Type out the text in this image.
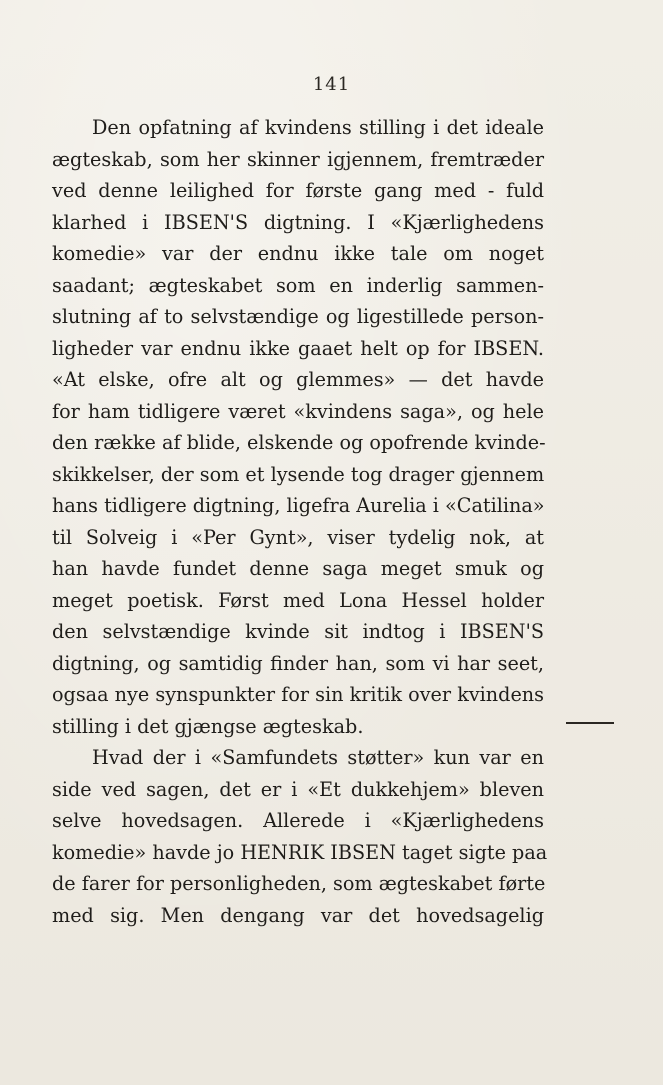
141
Den opfatning af kvindens stilling i det ideale
ægteskab, som her skinner igjennem, fremtræder
ved denne leilighed for første gang med - fuld
klarhed i IBSEN'S digtning. I «Kjærlighedens
komedie» var der endnu ikke tale om noget
saadant; ægteskabet som en inderlig sammen-
slutning af to selvstændige og ligestillede person-
ligheder var endnu ikke gaaet helt op for IBSEN.
«At elske, ofre alt og glemmes» — det havde
for ham tidligere været «kvindens saga», og hele
den række af blide, elskende og opofrende kvinde-
skikkelser, der som et lysende tog drager gjennem
hans tidligere digtning, ligefra Aurelia i «Catilina»
til Solveig i «Per Gynt», viser tydelig nok, at
han havde fundet denne saga meget smuk og
meget poetisk. Først med Lona Hessel holder
den selvstændige kvinde sit indtog i IBSEN'S
digtning, og samtidig finder han, som vi har seet,
ogsaa nye synspunkter for sin kritik over kvindens
stilling i det gjængse ægteskab.
Hvad der i «Samfundets støtter» kun var en
side ved sagen, det er i «Et dukkehjem» bleven
selve hovedsagen. Allerede i «Kjærlighedens
komedie» havde jo HENRIK IBSEN taget sigte paa
de farer for personligheden, som ægteskabet førte
med sig. Men dengang var det hovedsagelig
